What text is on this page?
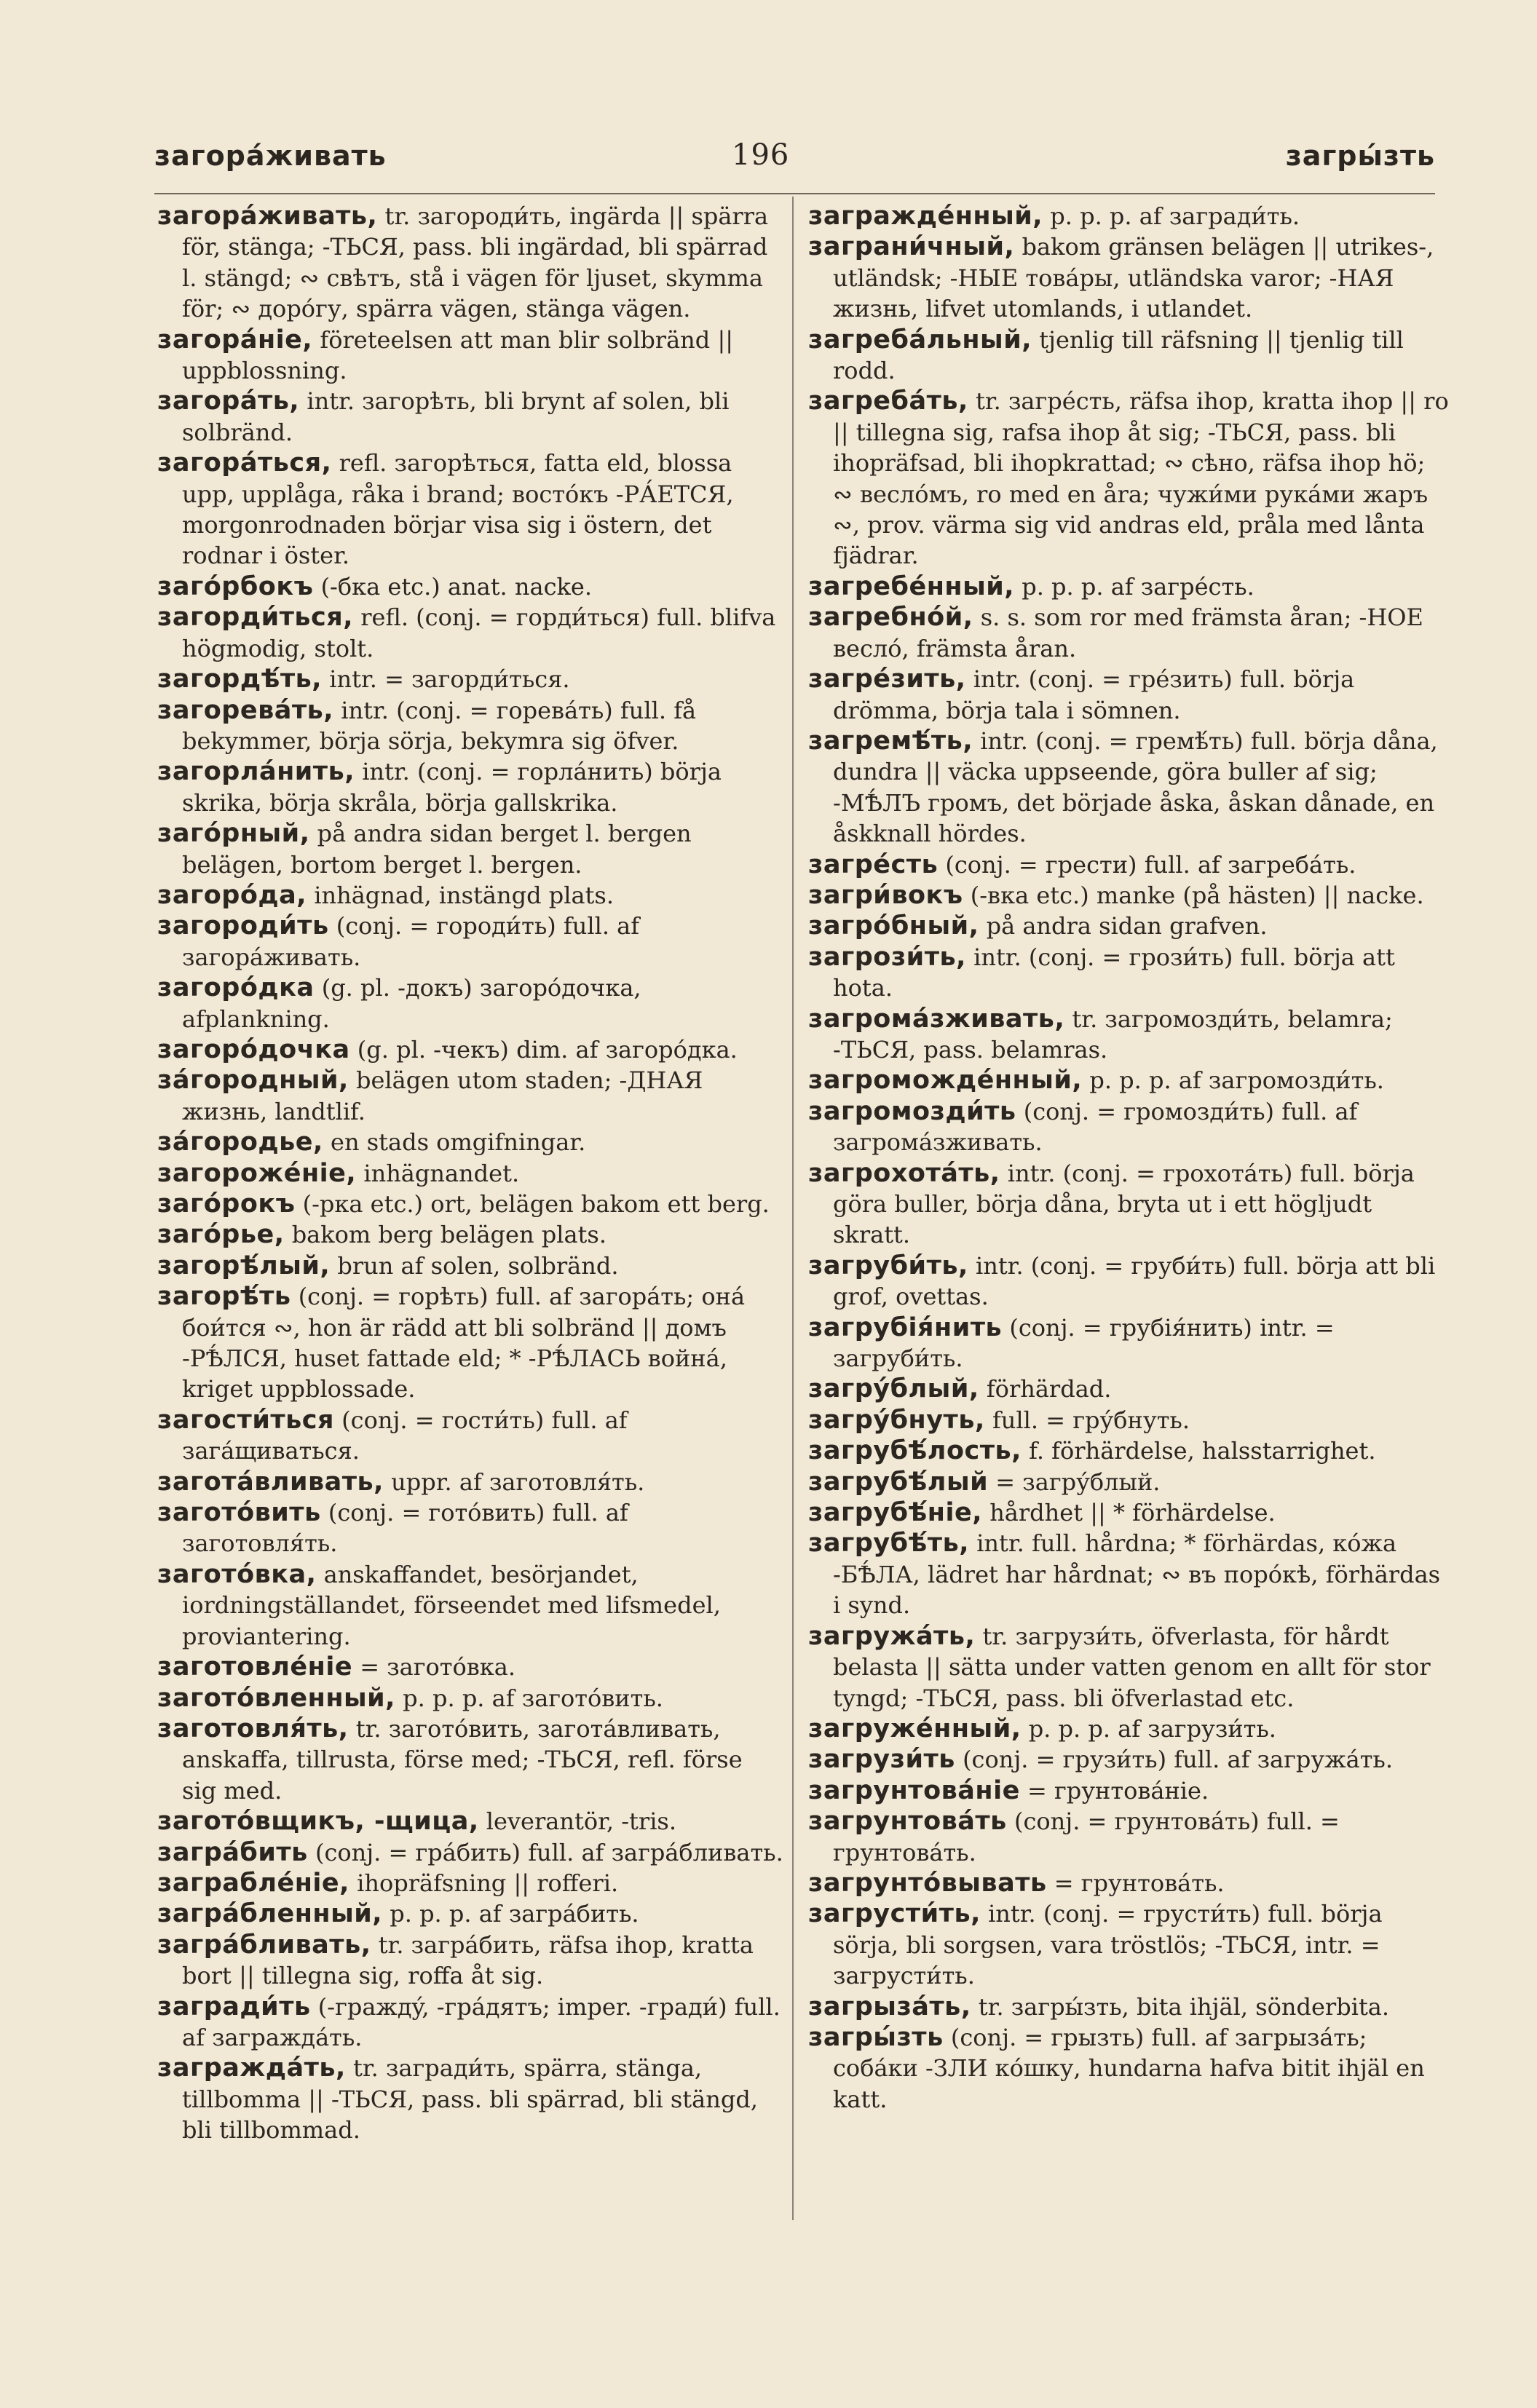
загора́живать	196	загры́зть
загора́живать, tr. загороди́ть, ingärda || spärra för, stänga; -ТЬСЯ, pass. bli ingärdad, bli spärrad l. stängd; ∾ свѣтъ, stå i vägen för ljuset, skymma för; ∾ доро́гу, spärra vägen, stänga vägen.
загора́ніе, företeelsen att man blir solbränd || uppblossning.
загора́ть, intr. загорѣть, bli brynt af solen, bli solbränd.
загора́ться, refl. загорѣться, fatta eld, blossa upp, upplåga, råka i brand; восто́къ -РА́ЕТСЯ, morgonrodnaden börjar visa sig i östern, det rodnar i öster.
заго́рбокъ (-бка etc.) anat. nacke.
загорди́ться, refl. (conj. = горди́ться) full. blifva högmodig, stolt.
загордѣ́ть, intr. = загорди́ться.
загорева́ть, intr. (conj. = горева́ть) full. få bekymmer, börja sörja, bekymra sig öfver.
загорла́нить, intr. (conj. = горла́нить) börja skrika, börja skråla, börja gallskrika.
заго́рный, på andra sidan berget l. bergen belägen, bortom berget l. bergen.
загоро́да, inhägnad, instängd plats.
загороди́ть (conj. = городи́ть) full. af загора́живать.
загоро́дка (g. pl. -докъ) загоро́дочка, afplankning.
загоро́дочка (g. pl. -чекъ) dim. af загоро́дка.
за́городный, belägen utom staden; -ДНАЯ жизнь, landtlif.
за́городье, en stads omgifningar.
загороже́ніе, inhägnandet.
заго́рокъ (-рка etc.) ort, belägen bakom ett berg.
заго́рье, bakom berg belägen plats.
загорѣ́лый, brun af solen, solbränd.
загорѣ́ть (conj. = горѣть) full. af загора́ть; она́ бои́тся ∾, hon är rädd att bli solbränd || домъ -РѢ́ЛСЯ, huset fattade eld; * -РѢ́ЛАСЬ война́, kriget uppblossade.
загости́ться (conj. = гости́ть) full. af зага́щиваться.
загота́вливать, uppr. af заготовля́ть.
загото́вить (conj. = гото́вить) full. af заготовля́ть.
загото́вка, anskaffandet, besörjandet, iordningställandet, förseendet med lifsmedel, proviantering.
заготовле́ніе = загото́вка.
загото́вленный, p. p. p. af загото́вить.
заготовля́ть, tr. загото́вить, загота́вливать, anskaffa, tillrusta, förse med; -ТЬСЯ, refl. förse sig med.
загото́вщикъ, -щица, leverantör, -tris.
загра́бить (conj. = гра́бить) full. af загра́бливать.
заграбле́ніе, ihopräfsning || rofferi.
загра́бленный, p. p. p. af загра́бить.
загра́бливать, tr. загра́бить, räfsa ihop, kratta bort || tillegna sig, roffa åt sig.
загради́ть (-граждý, -гра́дятъ; imper. -гради́) full. af загражда́ть.
загражда́ть, tr. загради́ть, spärra, stänga, tillbomma || -ТЬСЯ, pass. bli spärrad, bli stängd, bli tillbommad.
загражде́нный, p. p. p. af загради́ть.
заграни́чный, bakom gränsen belägen || utrikes-, utländsk; -НЫЕ това́ры, utländska varor; -НАЯ жизнь, lifvet utomlands, i utlandet.
загреба́льный, tjenlig till räfsning || tjenlig till rodd.
загреба́ть, tr. загре́сть, räfsa ihop, kratta ihop || ro || tillegna sig, rafsa ihop åt sig; -ТЬСЯ, pass. bli ihopräfsad, bli ihopkrattad; ∾ сѣно, räfsa ihop hö; ∾ весло́мъ, ro med en åra; чужи́ми рука́ми жаръ ∾, prov. värma sig vid andras eld, pråla med lånta fjädrar.
загребе́нный, p. p. p. af загре́сть.
загребно́й, s. s. som ror med främsta åran; -НОЕ весло́, främsta åran.
загре́зить, intr. (conj. = гре́зить) full. börja drömma, börja tala i sömnen.
загремѣ́ть, intr. (conj. = гремѣ́ть) full. börja dåna, dundra || väcka uppseende, göra buller af sig; -МѢ́ЛЪ громъ, det började åska, åskan dånade, en åskknall hördes.
загре́сть (conj. = грести) full. af загреба́ть.
загри́вокъ (-вка etc.) manke (på hästen) || nacke.
загро́бный, på andra sidan grafven.
загрози́ть, intr. (conj. = грози́ть) full. börja att hota.
загрома́зживать, tr. загромозди́ть, belamra; -ТЬСЯ, pass. belamras.
загроможде́нный, p. p. p. af загромозди́ть.
загромозди́ть (conj. = громозди́ть) full. af загрома́зживать.
загрохота́ть, intr. (conj. = грохота́ть) full. börja göra buller, börja dåna, bryta ut i ett högljudt skratt.
загруби́ть, intr. (conj. = груби́ть) full. börja att bli grof, ovettas.
загрубія́нить (conj. = грубія́нить) intr. = загруби́ть.
загру́блый, förhärdad.
загру́бнуть, full. = гру́бнуть.
загрубѣ́лость, f. förhärdelse, halsstarrighet.
загрубѣ́лый = загру́блый.
загрубѣ́ніе, hårdhet || * förhärdelse.
загрубѣ́ть, intr. full. hårdna; * förhärdas, ко́жа -БѢ́ЛА, lädret har hårdnat; ∾ въ поро́кѣ, förhärdas i synd.
загружа́ть, tr. загрузи́ть, öfverlasta, för hårdt belasta || sätta under vatten genom en allt för stor tyngd; -ТЬСЯ, pass. bli öfverlastad etc.
загруже́нный, p. p. p. af загрузи́ть.
загрузи́ть (conj. = грузи́ть) full. af загружа́ть.
загрунтова́ніе = грунтова́ніе.
загрунтова́ть (conj. = грунтова́ть) full. = грунтова́ть.
загрунто́вывать = грунтова́ть.
загрусти́ть, intr. (conj. = грусти́ть) full. börja sörja, bli sorgsen, vara tröstlös; -ТЬСЯ, intr. = загрусти́ть.
загрыза́ть, tr. загры́зть, bita ihjäl, sönderbita.
загры́зть (conj. = грызть) full. af загрыза́ть; соба́ки -ЗЛИ ко́шку, hundarna hafva bitit ihjäl en katt.
